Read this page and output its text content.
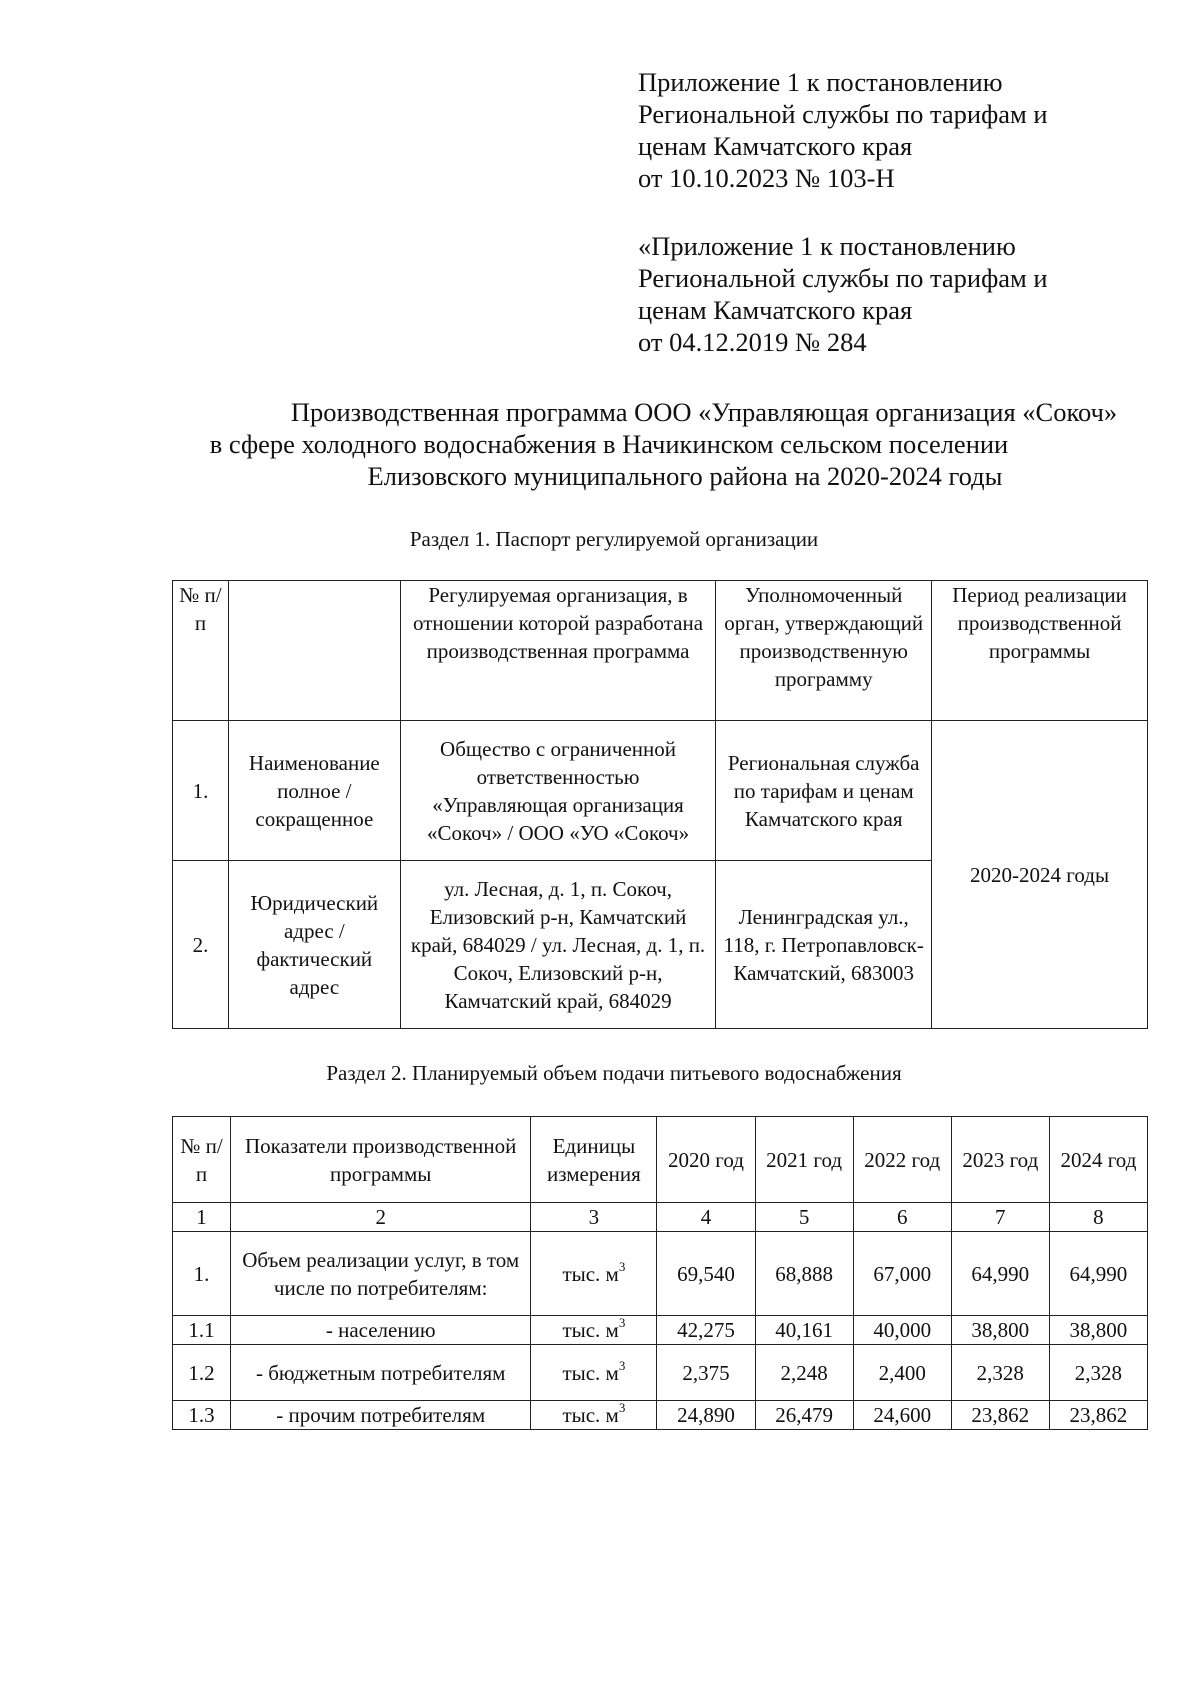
Приложение 1 к постановлению
Региональной службы по тарифам и
ценам Камчатского края
от 10.10.2023 № 103-Н
«Приложение 1 к постановлению
Региональной службы по тарифам и
ценам Камчатского края
от 04.12.2019 № 284
Производственная программа ООО «Управляющая организация «Сокоч»
в сфере холодного водоснабжения в Начикинском сельском поселении
Елизовского муниципального района на 2020-2024 годы
Раздел 1. Паспорт регулируемой организации
№ п/п		Регулируемая организация, в отношении которой разработана производственная программа	Уполномоченный орган, утверждающий производственную программу	Период реализации производственной программы
1.	Наименование полное / сокращенное	Общество с ограниченной ответственностью «Управляющая организация «Сокоч» / ООО «УО «Сокоч»	Региональная служба по тарифам и ценам Камчатского края	2020-2024 годы
2.	Юридический адрес / фактический адрес	ул. Лесная, д. 1, п. Сокоч, Елизовский р-н, Камчатский край, 684029 / ул. Лесная, д. 1, п. Сокоч, Елизовский р-н, Камчатский край, 684029	Ленинградская ул., 118, г. Петропавловск-Камчатский, 683003	
Раздел 2. Планируемый объем подачи питьевого водоснабжения
№ п/п	Показатели производственной программы	Единицы измерения	2020 год	2021 год	2022 год	2023 год	2024 год
1	2	3	4	5	6	7	8
1.	Объем реализации услуг, в том числе по потребителям:	тыс. $м^3$	69,540	68,888	67,000	64,990	64,990
1.1	- населению	тыс. $м^3$	42,275	40,161	40,000	38,800	38,800
1.2	- бюджетным потребителям	тыс. $м^3$	2,375	2,248	2,400	2,328	2,328
1.3	- прочим потребителям	тыс. $м^3$	24,890	26,479	24,600	23,862	23,862
